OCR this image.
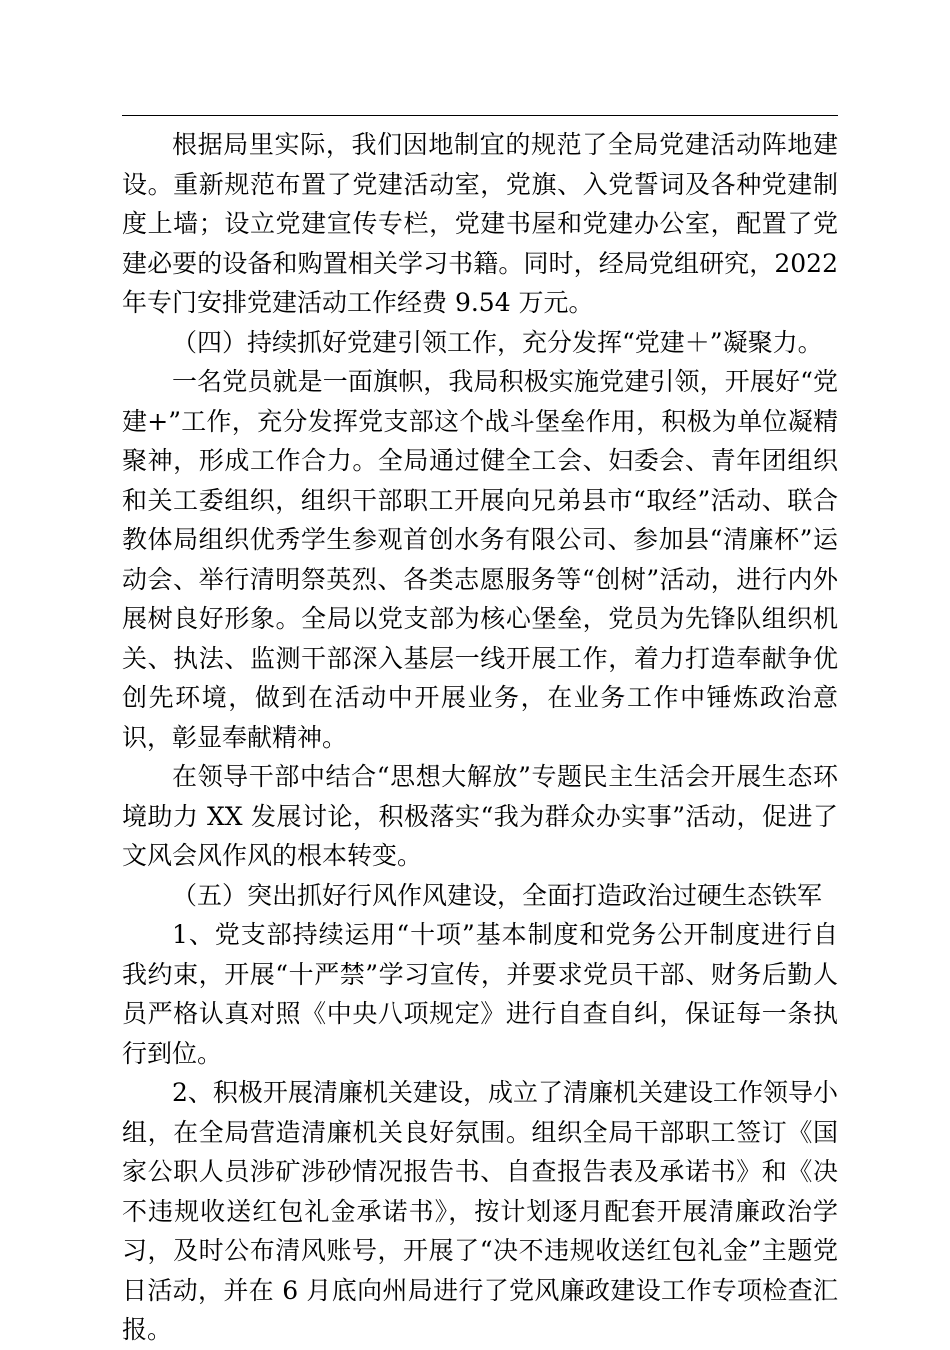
根据局里实际，我们因地制宜的规范了全局党建活动阵地建设。重新规范布置了党建活动室，党旗、入党誓词及各种党建制度上墙；设立党建宣传专栏，党建书屋和党建办公室，配置了党建必要的设备和购置相关学习书籍。同时，经局党组研究，2022年专门安排党建活动工作经费 9.54 万元。

（四）持续抓好党建引领工作，充分发挥“党建＋”凝聚力。

一名党员就是一面旗帜，我局积极实施党建引领，开展好“党建+”工作，充分发挥党支部这个战斗堡垒作用，积极为单位凝精聚神，形成工作合力。全局通过健全工会、妇委会、青年团组织和关工委组织，组织干部职工开展向兄弟县市“取经”活动、联合教体局组织优秀学生参观首创水务有限公司、参加县“清廉杯”运动会、举行清明祭英烈、各类志愿服务等“创树”活动，进行内外展树良好形象。全局以党支部为核心堡垒，党员为先锋队组织机关、执法、监测干部深入基层一线开展工作，着力打造奉献争优创先环境，做到在活动中开展业务，在业务工作中锤炼政治意识，彰显奉献精神。

在领导干部中结合“思想大解放”专题民主生活会开展生态环境助力 XX 发展讨论，积极落实“我为群众办实事”活动，促进了文风会风作风的根本转变。

（五）突出抓好行风作风建设，全面打造政治过硬生态铁军

1、党支部持续运用“十项”基本制度和党务公开制度进行自我约束，开展“十严禁”学习宣传，并要求党员干部、财务后勤人员严格认真对照《中央八项规定》进行自查自纠，保证每一条执行到位。

2、积极开展清廉机关建设，成立了清廉机关建设工作领导小组，在全局营造清廉机关良好氛围。组织全局干部职工签订《国家公职人员涉矿涉砂情况报告书、自查报告表及承诺书》和《决不违规收送红包礼金承诺书》，按计划逐月配套开展清廉政治学习，及时公布清风账号，开展了“决不违规收送红包礼金”主题党日活动，并在 6 月底向州局进行了党风廉政建设工作专项检查汇报。
